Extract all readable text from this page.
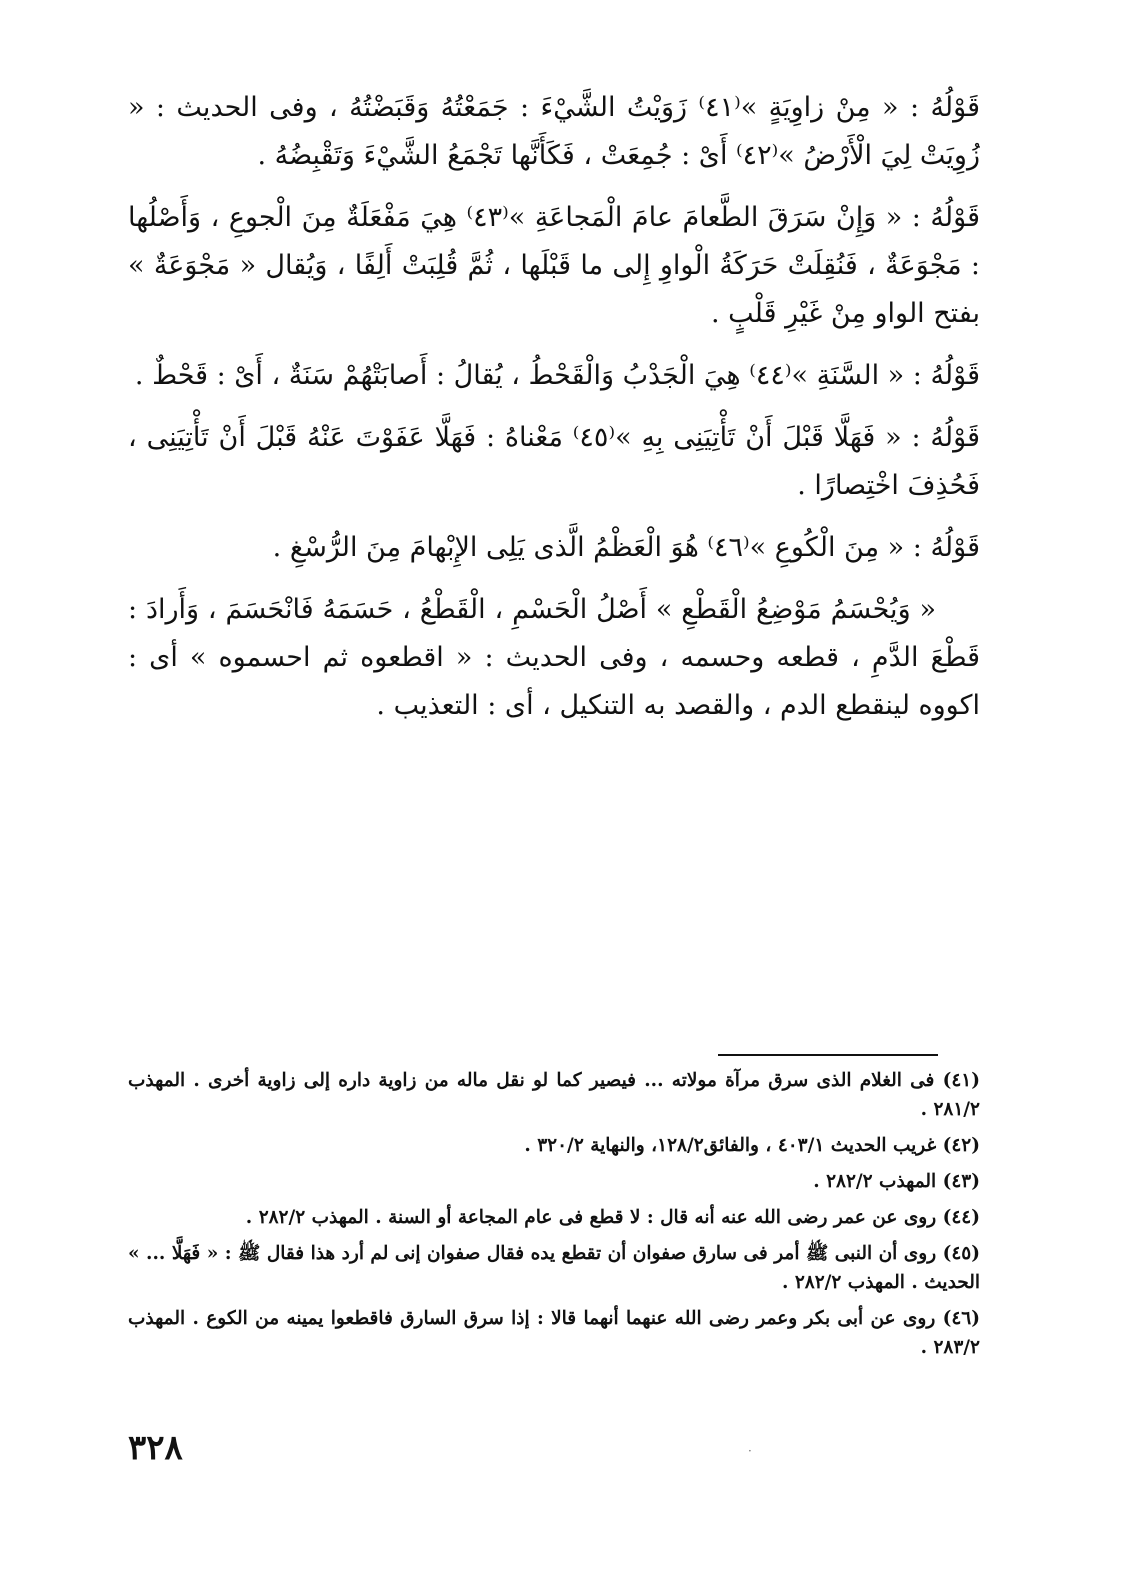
قَوْلُهُ : « مِنْ زاوِيَةٍ »⁽٤١⁾ زَوَيْتُ الشَّيْءَ : جَمَعْتُهُ وَقَبَضْتُهُ ، وفى الحديث : « زُوِيَتْ لِيَ الْأَرْضُ »⁽٤٢⁾ أَىْ : جُمِعَتْ ، فَكَأَنَّها تَجْمَعُ الشَّيْءَ وَتَقْبِضُهُ .

قَوْلُهُ : « وَإِنْ سَرَقَ الطَّعامَ عامَ الْمَجاعَةِ »⁽٤٣⁾ هِيَ مَفْعَلَةٌ مِنَ الْجوعِ ، وَأَصْلُها : مَجْوَعَةٌ ، فَنُقِلَتْ حَرَكَةُ الْواوِ إِلى ما قَبْلَها ، ثُمَّ قُلِبَتْ أَلِفًا ، وَيُقال « مَجْوَعَةٌ » بفتح الواو مِنْ غَيْرِ قَلْبٍ .

قَوْلُهُ : « السَّنَةِ »⁽٤٤⁾ هِيَ الْجَدْبُ وَالْقَحْطُ ، يُقالُ : أَصابَتْهُمْ سَنَةٌ ، أَىْ : قَحْطٌ .

قَوْلُهُ : « فَهَلَّا قَبْلَ أَنْ تَأْتِيَنِى بِهِ »⁽٤٥⁾ مَعْناهُ : فَهَلَّا عَفَوْتَ عَنْهُ قَبْلَ أَنْ تَأْتِيَنِى ، فَحُذِفَ اخْتِصارًا .

قَوْلُهُ : « مِنَ الْكُوعِ »⁽٤٦⁾ هُوَ الْعَظْمُ الَّذى يَلِى الإِبْهامَ مِنَ الرُّسْغِ .

« وَيُحْسَمُ مَوْضِعُ الْقَطْعِ » أَصْلُ الْحَسْمِ ، الْقَطْعُ ، حَسَمَهُ فَانْحَسَمَ ، وَأَرادَ : قَطْعَ الدَّمِ ، قطعه وحسمه ، وفى الحديث : « اقطعوه ثم احسموه » أى : اكووه لينقطع الدم ، والقصد به التنكيل ، أى : التعذيب .

(٤١) فى الغلام الذى سرق مرآة مولاته ... فيصير كما لو نقل ماله من زاوية داره إلى زاوية أخرى . المهذب ٢٨١/٢ .

(٤٢) غريب الحديث ٤٠٣/١ ، والفائق١٢٨/٢، والنهاية ٣٢٠/٢ .

(٤٣) المهذب ٢٨٢/٢ .

(٤٤) روى عن عمر رضى الله عنه أنه قال : لا قطع فى عام المجاعة أو السنة . المهذب ٢٨٢/٢ .

(٤٥) روى أن النبى ﷺ أمر فى سارق صفوان أن تقطع يده فقال صفوان إنى لم أرد هذا فقال ﷺ : « فَهَلَّا ... » الحديث . المهذب ٢٨٢/٢ .

(٤٦) روى عن أبى بكر وعمر رضى الله عنهما أنهما قالا : إذا سرق السارق فاقطعوا يمينه من الكوع . المهذب ٢٨٣/٢ .

·
٣٢٨
